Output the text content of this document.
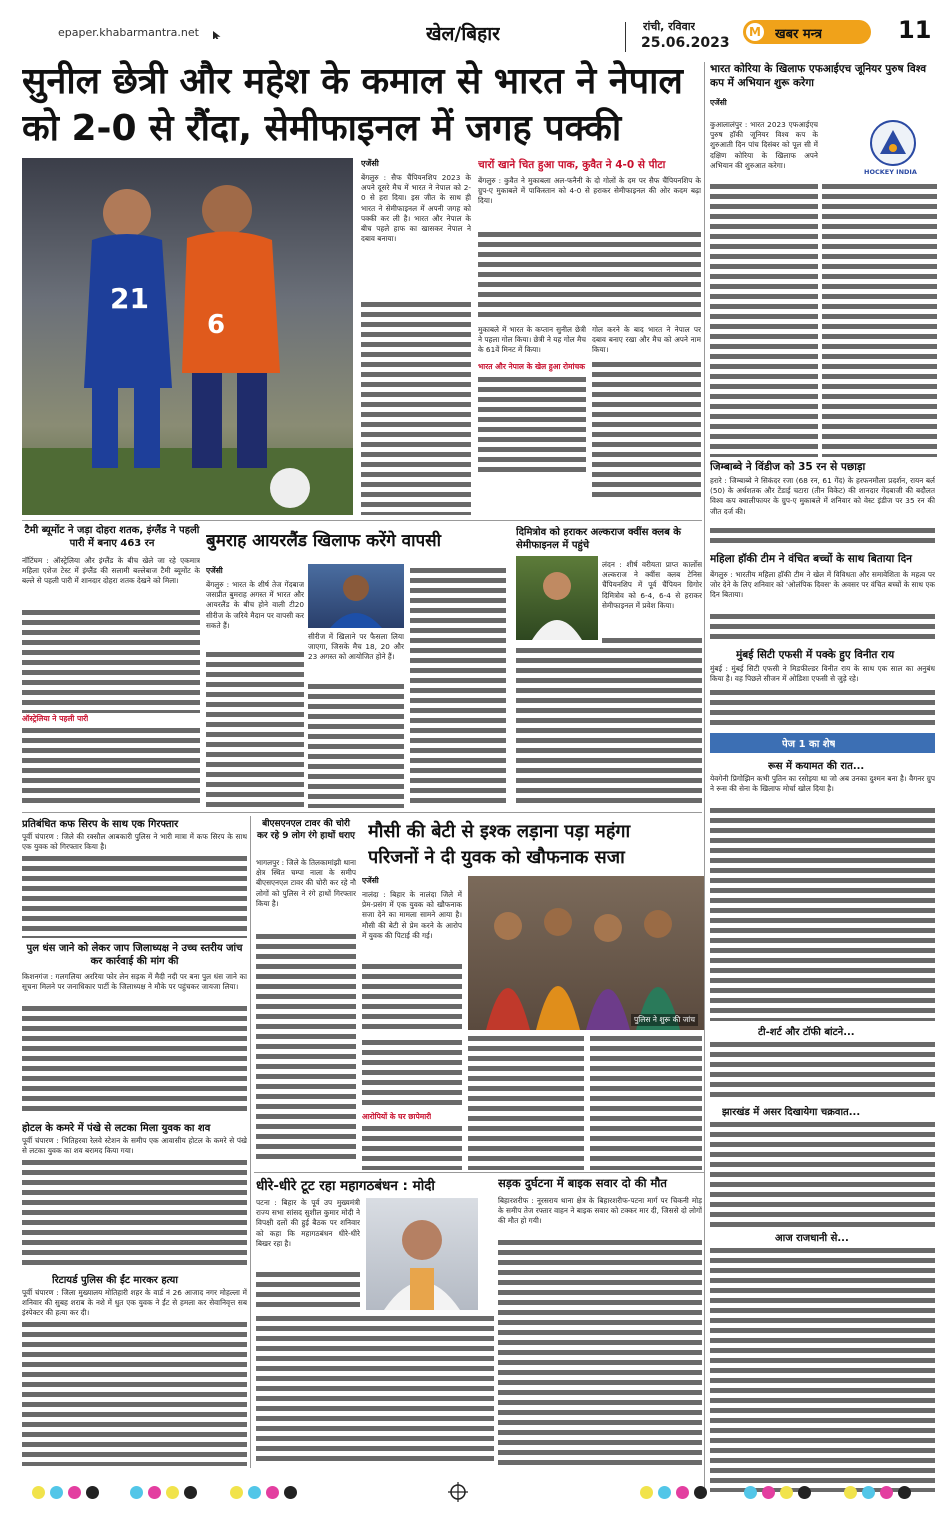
epaper.khabarmantra.net	खेल/बिहार	रांची, रविवार
25.06.2023
M खबर मन्त्र	11
सुनील छेत्री और महेश के कमाल से भारत ने नेपाल
को 2-0 से रौंदा, सेमीफाइनल में जगह पक्की
21
6
एजेंसी
बेंगलुरु : सैफ चैंपियनशिप 2023 के अपने दूसरे मैच में भारत ने नेपाल को 2-0 से हरा दिया। इस जीत के साथ ही भारत ने सेमीफाइनल में अपनी जगह को पक्की कर ली है। भारत और नेपाल के बीच पहले हाफ का खासकर नेपाल ने दबाव बनाया।
चारों खाने चित हुआ पाक, कुवैत ने 4-0 से पीटा
बेंगलुरु : कुवैत ने मुकाबला अल-फनैनी के दो गोलों के दम पर सैफ चैंपियनशिप के ग्रुप-ए मुकाबले में पाकिस्तान को 4-0 से हराकर सेमीफाइनल की ओर कदम बढ़ा दिया।
मुकाबले में भारत के कप्तान सुनील छेत्री ने पहला गोल किया। छेत्री ने यह गोल मैच के 61वें मिनट में किया।
भारत और नेपाल के खेल हुआ रोमांचक
गोल करने के बाद भारत ने नेपाल पर दबाव बनाए रखा और मैच को अपने नाम किया।
भारत कोरिया के खिलाफ एफआईएच जूनियर पुरुष विश्व कप में अभियान शुरू करेगा
एजेंसी
कुआलालंपुर : भारत 2023 एफआईएच पुरुष हॉकी जूनियर विश्व कप के शुरुआती दिन पांच दिसंबर को पूल सी में दक्षिण कोरिया के खिलाफ अपने अभियान की शुरुआत करेगा।
HOCKEY INDIA
जिम्बाब्वे ने विंडीज को 35 रन से पछाड़ा
हरारे : जिम्बाब्वे ने सिकंदर रजा (68 रन, 61 गेंद) के हरफनमौला प्रदर्शन, रायन बर्ल (50) के अर्धशतक और टेंडाई चटारा (तीन विकेट) की शानदार गेंदबाजी की बदौलत विश्व कप क्वालीफायर के ग्रुप-ए मुकाबले में शनिवार को वेस्ट इंडीज पर 35 रन की जीत दर्ज की।
महिला हॉकी टीम ने वंचित बच्चों के साथ बिताया दिन
बेंगलुरु : भारतीय महिला हॉकी टीम ने खेल में विविधता और समावेशिता के महत्व पर जोर देने के लिए शनिवार को 'ओलंपिक दिवस' के अवसर पर वंचित बच्चों के साथ एक दिन बिताया।
मुंबई सिटी एफसी में पक्के हुए विनीत राय
मुंबई : मुंबई सिटी एफसी ने मिडफील्डर विनीत राय के साथ एक साल का अनुबंध किया है। वह पिछले सीजन में ओडिशा एफसी से जुड़े रहे।
पेज 1 का शेष
रूस में कयामत की रात...
येवगेनी प्रिगोझिन कभी पुतिन का रसोइया था जो अब उनका दुश्मन बना है। वैगनर ग्रुप ने रूस की सेना के खिलाफ मोर्चा खोल दिया है।
टी-शर्ट और टॉफी बांटने...
झारखंड में असर दिखायेगा चक्रवात...
आज राजधानी से...
टैमी ब्यूमोंट ने जड़ा दोहरा शतक, इंग्लैंड ने पहली पारी में बनाए 463 रन
नॉटिंघम : ऑस्ट्रेलिया और इंग्लैंड के बीच खेले जा रहे एकमात्र महिला एशेज टेस्ट में इंग्लैंड की सलामी बल्लेबाज टैमी ब्यूमोंट के बल्ले से पहली पारी में शानदार दोहरा शतक देखने को मिला।
ऑस्ट्रेलिया ने पहली पारी
बुमराह आयरलैंड खिलाफ करेंगे वापसी
एजेंसी
बेंगलुरु : भारत के शीर्ष तेज गेंदबाज जसप्रीत बुमराह अगस्त में भारत और आयरलैंड के बीच होने वाली टी20 सीरीज के जरिये मैदान पर वापसी कर सकते हैं।
सीरीज में खिलाने पर फैसला लिया जाएगा, जिसके मैच 18, 20 और 23 अगस्त को आयोजित होने हैं।
दिमित्रोव को हराकर अल्कराज क्वींस क्लब के सेमीफाइनल में पहुंचे
लंदन : शीर्ष वरीयता प्राप्त कार्लोस अल्कराज ने क्वींस क्लब टेनिस चैंपियनशिप में पूर्व चैंपियन ग्रिगोर दिमित्रोव को 6-4, 6-4 से हराकर सेमीफाइनल में प्रवेश किया।
प्रतिबंधित कफ सिरप के साथ एक गिरफ्तार
पूर्वी चंपारण : जिले की रक्सौल आबकारी पुलिस ने भारी मात्रा में कफ सिरप के साथ एक युवक को गिरफ्तार किया है।
पुल धंस जाने को लेकर जाप जिलाध्यक्ष ने उच्च स्तरीय जांच कर कार्रवाई की मांग की
किशनगंज : गलगलिया अररिया फोर लेन सड़क में मैदी नदी पर बना पुल धंस जाने का सूचना मिलने पर जनाधिकार पार्टी के जिलाध्यक्ष ने मौके पर पहुंचकर जायजा लिया।
होटल के कमरे में पंखे से लटका मिला युवक का शव
पूर्वी चंपारण : भितिहरवा रेलवे स्टेशन के समीप एक आवासीय होटल के कमरे से पंखे से लटका युवक का शव बरामद किया गया।
रिटायर्ड पुलिस की ईंट मारकर हत्या
पूर्वी चंपारण : जिला मुख्यालय मोतिहारी शहर के वार्ड नं 26 आजाद नगर मोहल्ला में शनिवार की सुबह शराब के नशे में धुत एक युवक ने ईंट से हमला कर सेवानिवृत्त सब इंस्पेक्टर की हत्या कर दी।
बीएसएनएल टावर की चोरी कर रहे 9 लोग रंगे हाथों धराए
भागलपुर : जिले के तिलकामांझी थाना क्षेत्र स्थित चम्पा नाला के समीप बीएसएनएल टावर की चोरी कर रहे नौ लोगों को पुलिस ने रंगे हाथों गिरफ्तार किया है।
मौसी की बेटी से इश्क लड़ाना पड़ा महंगा
परिजनों ने दी युवक को खौफनाक सजा
एजेंसी
नालंदा : बिहार के नालंदा जिले में प्रेम-प्रसंग में एक युवक को खौफनाक सजा देने का मामला सामने आया है। मौसी की बेटी से प्रेम करने के आरोप में युवक की पिटाई की गई।
पुलिस ने शुरू की जांच
आरोपियों के घर छापेमारी
धीरे-धीरे टूट रहा महागठबंधन : मोदी
पटना : बिहार के पूर्व उप मुख्यमंत्री राज्य सभा सांसद सुशील कुमार मोदी ने विपक्षी दलों की हुई बैठक पर शनिवार को कहा कि महागठबंधन धीरे-धीरे बिखर रहा है।
सड़क दुर्घटना में बाइक सवार दो की मौत
बिहारशरीफ : नूरसराय थाना क्षेत्र के बिहारशरीफ-पटना मार्ग पर चिकनी मोड़ के समीप तेज रफ्तार वाहन ने बाइक सवार को टक्कर मार दी, जिससे दो लोगों की मौत हो गयी।
